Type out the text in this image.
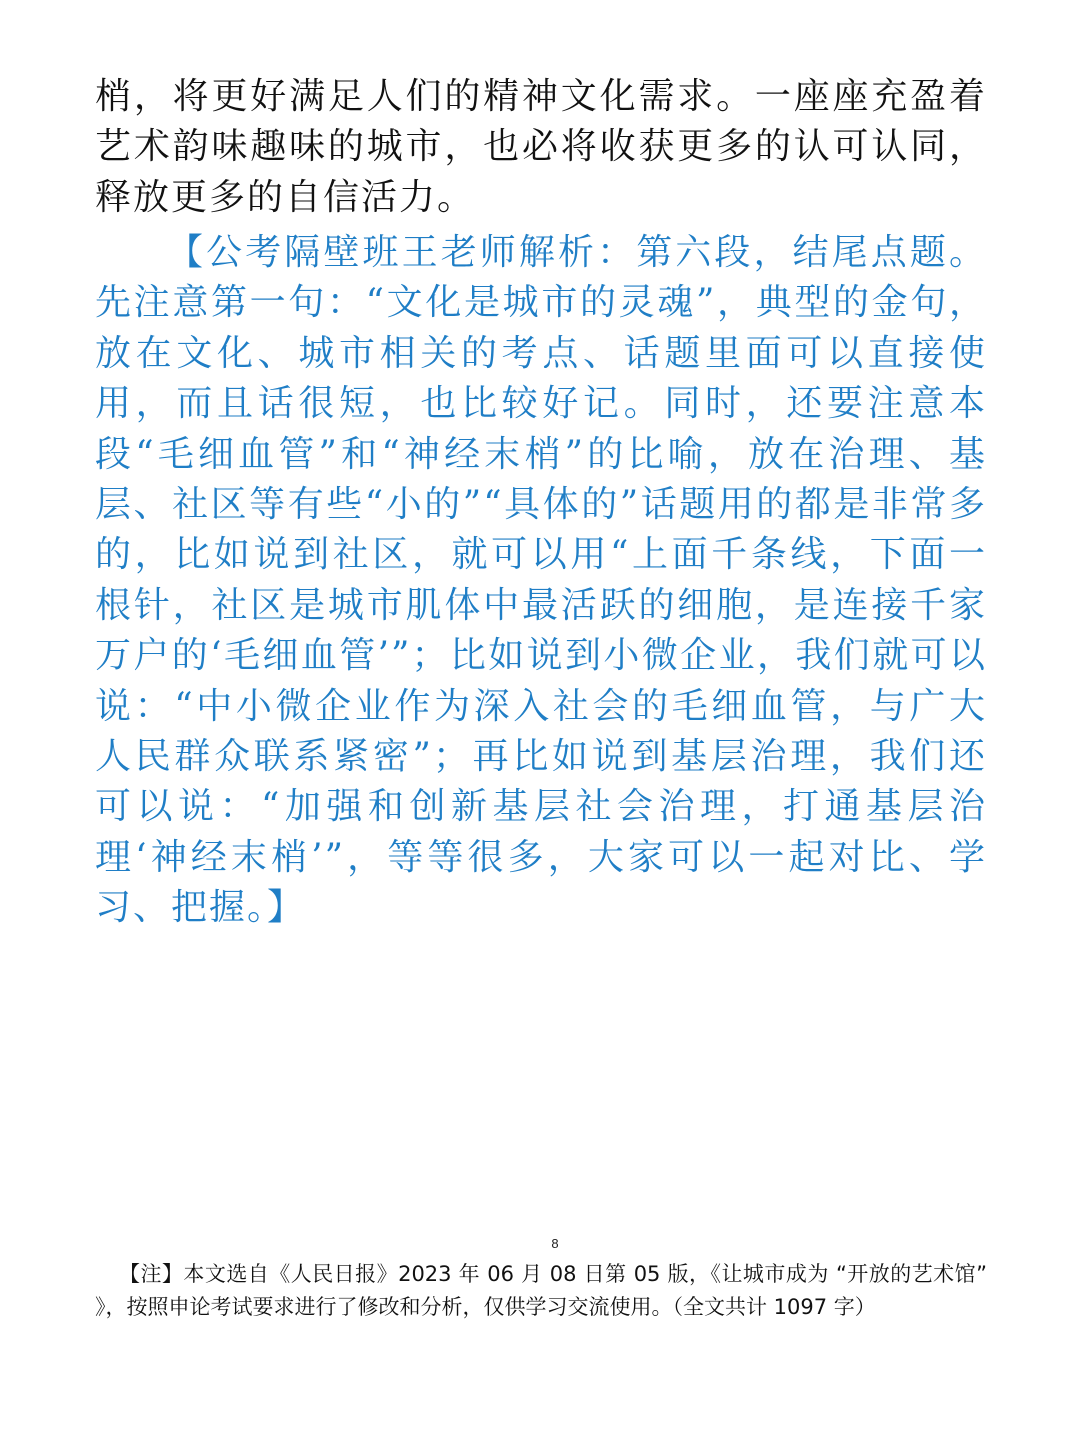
梢，将更好满足人们的精神文化需求。一座座充盈着艺术韵味趣味的城市，也必将收获更多的认可认同，释放更多的自信活力。

【公考隔壁班王老师解析：第六段，结尾点题。先注意第一句：“文化是城市的灵魂”，典型的金句，放在文化、城市相关的考点、话题里面可以直接使用，而且话很短，也比较好记。同时，还要注意本段“毛细血管”和“神经末梢”的比喻，放在治理、基层、社区等有些“小的”“具体的”话题用的都是非常多的，比如说到社区，就可以用“上面千条线，下面一根针，社区是城市肌体中最活跃的细胞，是连接千家万户的‘毛细血管’”；比如说到小微企业，我们就可以说：“中小微企业作为深入社会的毛细血管，与广大人民群众联系紧密”；再比如说到基层治理，我们还可以说：“加强和创新基层社会治理，打通基层治理‘神经末梢’”，等等很多，大家可以一起对比、学习、把握。】

8

【注】本文选自《人民日报》2023 年 06 月 08 日第 05 版，《让城市成为 “开放的艺术馆” 》，按照申论考试要求进行了修改和分析，仅供学习交流使用。（全文共计 1097 字）
